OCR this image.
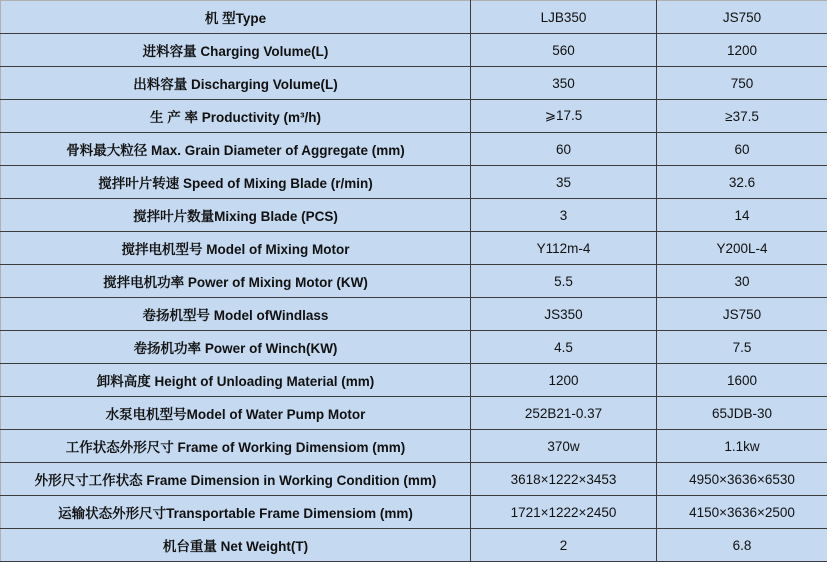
机 型Type	LJB350	JS750
进料容量 Charging Volume(L)	560	1200
出料容量 Discharging Volume(L)	350	750
生 产 率 Productivity (m³/h)	⩾17.5	≥37.5
骨料最大粒径 Max. Grain Diameter of Aggregate (mm)	60	60
搅拌叶片转速 Speed of Mixing Blade (r/min)	35	32.6
搅拌叶片数量Mixing Blade (PCS)	3	14
搅拌电机型号 Model of Mixing Motor	Y112m-4	Y200L-4
搅拌电机功率 Power of Mixing Motor (KW)	5.5	30
卷扬机型号 Model ofWindlass	JS350	JS750
卷扬机功率 Power of Winch(KW)	4.5	7.5
卸料高度 Height of Unloading Material (mm)	1200	1600
水泵电机型号Model of Water Pump Motor	252B21-0.37	65JDB-30
工作状态外形尺寸 Frame of Working Dimensiom (mm)	370w	1.1kw
外形尺寸工作状态 Frame Dimension in Working Condition (mm)	3618×1222×3453	4950×3636×6530
运输状态外形尺寸Transportable Frame Dimensiom (mm)	1721×1222×2450	4150×3636×2500
机台重量 Net Weight(T)	2	6.8
